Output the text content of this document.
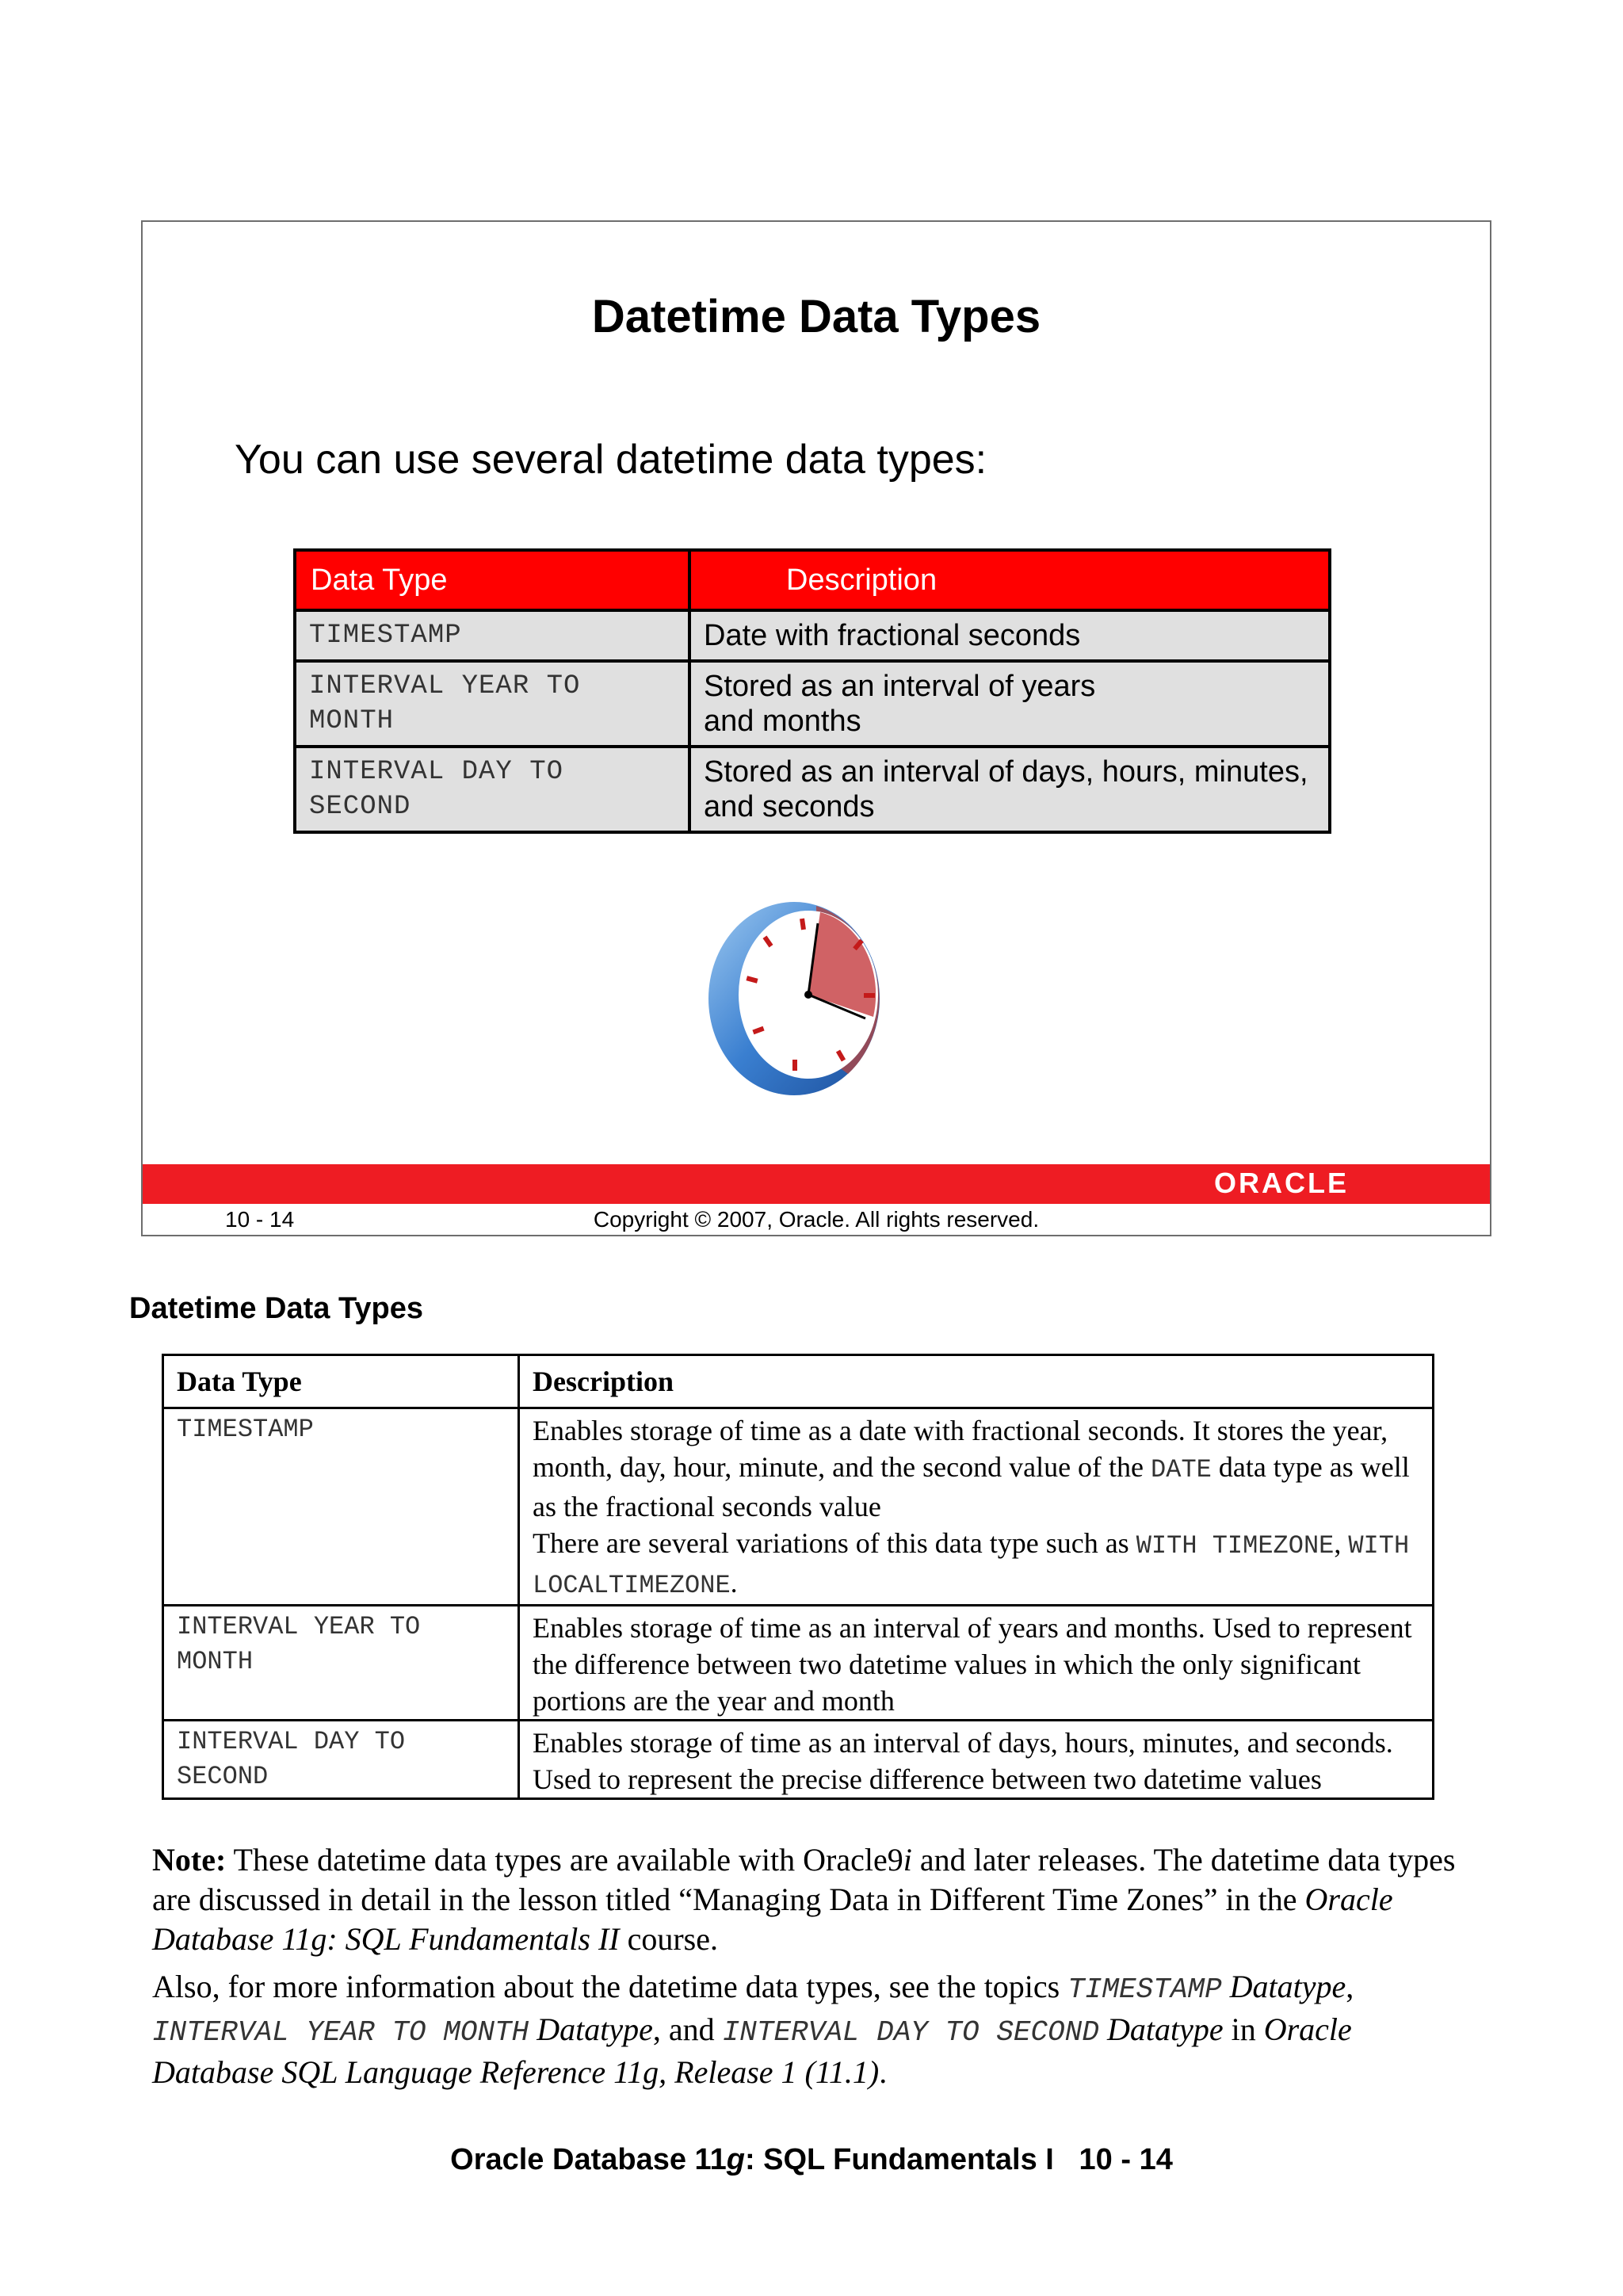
Datetime Data Types
You can use several datetime data types:
Data Type	Description
TIMESTAMP	Date with fractional seconds
INTERVAL YEAR TO
MONTH	Stored as an interval of years
and months
INTERVAL DAY TO
SECOND	Stored as an interval of days, hours, minutes,
and seconds
ORACLE
10 - 14	Copyright © 2007, Oracle. All rights reserved.
Datetime Data Types
Data Type	Description
TIMESTAMP	Enables storage of time as a date with fractional seconds. It stores the year, month, day, hour, minute, and the second value of the DATE data type as well as the fractional seconds value
There are several variations of this data type such as WITH TIMEZONE, WITH LOCALTIMEZONE.
INTERVAL YEAR TO
MONTH	Enables storage of time as an interval of years and months. Used to represent the difference between two datetime values in which the only significant portions are the year and month
INTERVAL DAY TO
SECOND	Enables storage of time as an interval of days, hours, minutes, and seconds. Used to represent the precise difference between two datetime values
Note: These datetime data types are available with Oracle9i and later releases. The datetime data types are discussed in detail in the lesson titled “Managing Data in Different Time Zones” in the Oracle Database 11g: SQL Fundamentals II course.
Also, for more information about the datetime data types, see the topics TIMESTAMP Datatype, INTERVAL YEAR TO MONTH Datatype, and INTERVAL DAY TO SECOND Datatype in Oracle Database SQL Language Reference 11g, Release 1 (11.1).
Oracle Database 11g: SQL Fundamentals I 10 - 14
